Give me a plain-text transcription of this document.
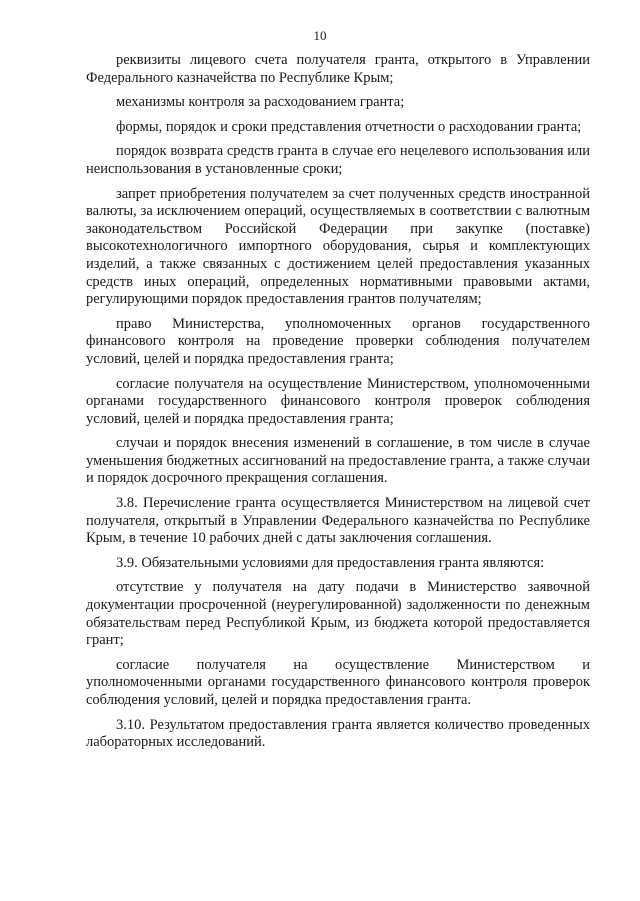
10

реквизиты лицевого счета получателя гранта, открытого в Управлении Федерального казначейства по Республике Крым;

механизмы контроля за расходованием гранта;

формы, порядок и сроки представления отчетности о расходовании гранта;

порядок возврата средств гранта в случае его нецелевого использования или неиспользования в установленные сроки;

запрет приобретения получателем за счет полученных средств иностранной валюты, за исключением операций, осуществляемых в соответствии с валютным законодательством Российской Федерации при закупке (поставке) высокотехнологичного импортного оборудования, сырья и комплектующих изделий, а также связанных с достижением целей предоставления указанных средств иных операций, определенных нормативными правовыми актами, регулирующими порядок предоставления грантов получателям;

право Министерства, уполномоченных органов государственного финансового контроля на проведение проверки соблюдения получателем условий, целей и порядка предоставления гранта;

согласие получателя на осуществление Министерством, уполномоченными органами государственного финансового контроля проверок соблюдения условий, целей и порядка предоставления гранта;

случаи и порядок внесения изменений в соглашение, в том числе в случае уменьшения бюджетных ассигнований на предоставление гранта, а также случаи и порядок досрочного прекращения соглашения.

3.8. Перечисление гранта осуществляется Министерством на лицевой счет получателя, открытый в Управлении Федерального казначейства по Республике Крым, в течение 10 рабочих дней с даты заключения соглашения.

3.9. Обязательными условиями для предоставления гранта являются:

отсутствие у получателя на дату подачи в Министерство заявочной документации просроченной (неурегулированной) задолженности по денежным обязательствам перед Республикой Крым, из бюджета которой предоставляется грант;

согласие получателя на осуществление Министерством и уполномоченными органами государственного финансового контроля проверок соблюдения условий, целей и порядка предоставления гранта.

3.10. Результатом предоставления гранта является количество проведенных лабораторных исследований.
